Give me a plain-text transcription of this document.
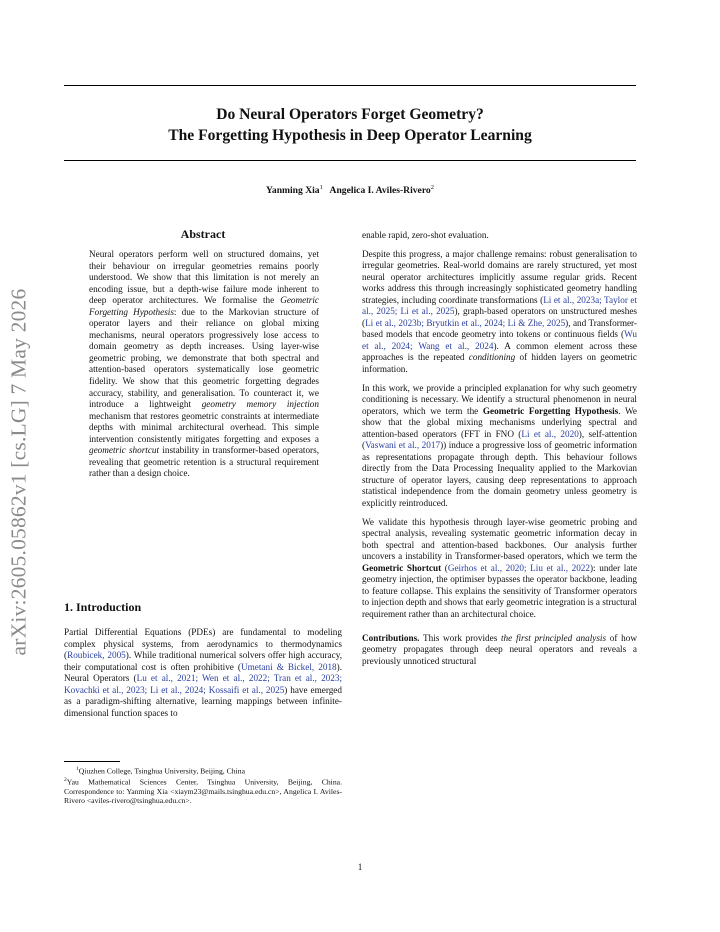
arXiv:2605.05862v1 [cs.LG] 7 May 2026
Do Neural Operators Forget Geometry?
The Forgetting Hypothesis in Deep Operator Learning
Yanming Xia$^1$ Angelica I. Aviles-Rivero$^2$
Abstract
Neural operators perform well on structured domains, yet their behaviour on irregular geometries remains poorly understood. We show that this limitation is not merely an encoding issue, but a depth-wise failure mode inherent to deep operator architectures. We formalise the Geometric Forgetting Hypothesis: due to the Markovian structure of operator layers and their reliance on global mixing mechanisms, neural operators progressively lose access to domain geometry as depth increases. Using layer-wise geometric probing, we demonstrate that both spectral and attention-based operators systematically lose geometric fidelity. We show that this geometric forgetting degrades accuracy, stability, and generalisation. To counteract it, we introduce a lightweight geometry memory injection mechanism that restores geometric constraints at intermediate depths with minimal architectural overhead. This simple intervention consistently mitigates forgetting and exposes a geometric shortcut instability in transformer-based operators, revealing that geometric retention is a structural requirement rather than a design choice.
1. Introduction
Partial Differential Equations (PDEs) are fundamental to modeling complex physical systems, from aerodynamics to thermodynamics (Roubicek, 2005). While traditional numerical solvers offer high accuracy, their computational cost is often prohibitive (Umetani & Bickel, 2018). Neural Operators (Lu et al., 2021; Wen et al., 2022; Tran et al., 2023; Kovachki et al., 2023; Li et al., 2024; Kossaifi et al., 2025) have emerged as a paradigm-shifting alternative, learning mappings between infinite-dimensional function spaces to
$^1$Qiuzhen College, Tsinghua University, Beijing, China
$^2$Yau Mathematical Sciences Center, Tsinghua University, Beijing, China. Correspondence to: Yanming Xia <xiaym23@mails.tsinghua.edu.cn>, Angelica I. Aviles-Rivero <aviles-rivero@tsinghua.edu.cn>.

enable rapid, zero-shot evaluation.

Despite this progress, a major challenge remains: robust generalisation to irregular geometries. Real-world domains are rarely structured, yet most neural operator architectures implicitly assume regular grids. Recent works address this through increasingly sophisticated geometry handling strategies, including coordinate transformations (Li et al., 2023a; Taylor et al., 2025; Li et al., 2025), graph-based operators on unstructured meshes (Li et al., 2023b; Bryutkin et al., 2024; Li & Zhe, 2025), and Transformer-based models that encode geometry into tokens or continuous fields (Wu et al., 2024; Wang et al., 2024). A common element across these approaches is the repeated conditioning of hidden layers on geometric information.

In this work, we provide a principled explanation for why such geometry conditioning is necessary. We identify a structural phenomenon in neural operators, which we term the Geometric Forgetting Hypothesis. We show that the global mixing mechanisms underlying spectral and attention-based operators (FFT in FNO (Li et al., 2020), self-attention (Vaswani et al., 2017)) induce a progressive loss of geometric information as representations propagate through depth. This behaviour follows directly from the Data Processing Inequality applied to the Markovian structure of operator layers, causing deep representations to approach statistical independence from the domain geometry unless geometry is explicitly reintroduced.

We validate this hypothesis through layer-wise geometric probing and spectral analysis, revealing systematic geometric information decay in both spectral and attention-based backbones. Our analysis further uncovers a instability in Transformer-based operators, which we term the Geometric Shortcut (Geirhos et al., 2020; Liu et al., 2022): under late geometry injection, the optimiser bypasses the operator backbone, leading to feature collapse. This explains the sensitivity of Transformer operators to injection depth and shows that early geometric integration is a structural requirement rather than an architectural choice.

Contributions. This work provides the first principled analysis of how geometry propagates through deep neural operators and reveals a previously unnoticed structural

1
